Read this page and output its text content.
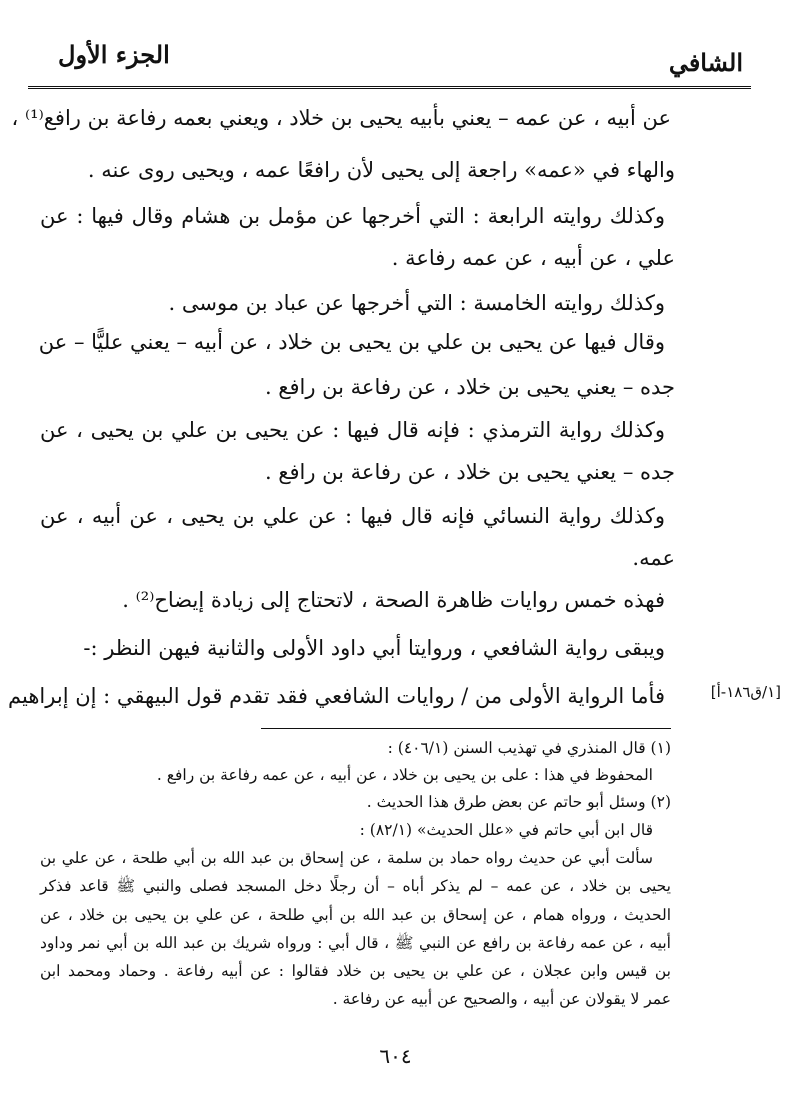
الشافي
الجزء الأول
عن أبيه ، عن عمه – يعني بأبيه يحيى بن خلاد ، ويعني بعمه رفاعة بن رافع⁽¹⁾ ،
والهاء في «عمه» راجعة إلى يحيى لأن رافعًا عمه ، ويحيى روى عنه .
وكذلك روايته الرابعة : التي أخرجها عن مؤمل بن هشام وقال فيها : عن
علي ، عن أبيه ، عن عمه رفاعة .
وكذلك روايته الخامسة : التي أخرجها عن عباد بن موسى .
وقال فيها عن يحيى بن علي بن يحيى بن خلاد ، عن أبيه – يعني عليًّا – عن
جده – يعني يحيى بن خلاد ، عن رفاعة بن رافع .
وكذلك رواية الترمذي : فإنه قال فيها : عن يحيى بن علي بن يحيى ، عن
جده – يعني يحيى بن خلاد ، عن رفاعة بن رافع .
وكذلك رواية النسائي فإنه قال فيها : عن علي بن يحيى ، عن أبيه ، عن
عمه.
فهذه خمس روايات ظاهرة الصحة ، لاتحتاج إلى زيادة إيضاح⁽²⁾ .
ويبقى رواية الشافعي ، وروايتا أبي داود الأولى والثانية فيهن النظر :-
فأما الرواية الأولى من / روايات الشافعي فقد تقدم قول البيهقي : إن إبراهيم	[١/ق١٨٦-أ]
(١) قال المنذري في تهذيب السنن (٤٠٦/١) :
المحفوظ في هذا : على بن يحيى بن خلاد ، عن أبيه ، عن عمه رفاعة بن رافع .
(٢) وسئل أبو حاتم عن بعض طرق هذا الحديث .
قال ابن أبي حاتم في «علل الحديث» (٨٢/١) :
سألت أبي عن حديث رواه حماد بن سلمة ، عن إسحاق بن عبد الله بن أبي طلحة ، عن علي بن
يحيى بن خلاد ، عن عمه – لم يذكر أباه – أن رجلًا دخل المسجد فصلى والنبي ﷺ قاعد فذكر
الحديث ، ورواه همام ، عن إسحاق بن عبد الله بن أبي طلحة ، عن علي بن يحيى بن خلاد ، عن
أبيه ، عن عمه رفاعة بن رافع عن النبي ﷺ ، قال أبي : ورواه شريك بن عبد الله بن أبي نمر وداود
بن قيس وابن عجلان ، عن علي بن يحيى بن خلاد فقالوا : عن أبيه رفاعة . وحماد ومحمد ابن
عمر لا يقولان عن أبيه ، والصحيح عن أبيه عن رفاعة .
٦٠٤
